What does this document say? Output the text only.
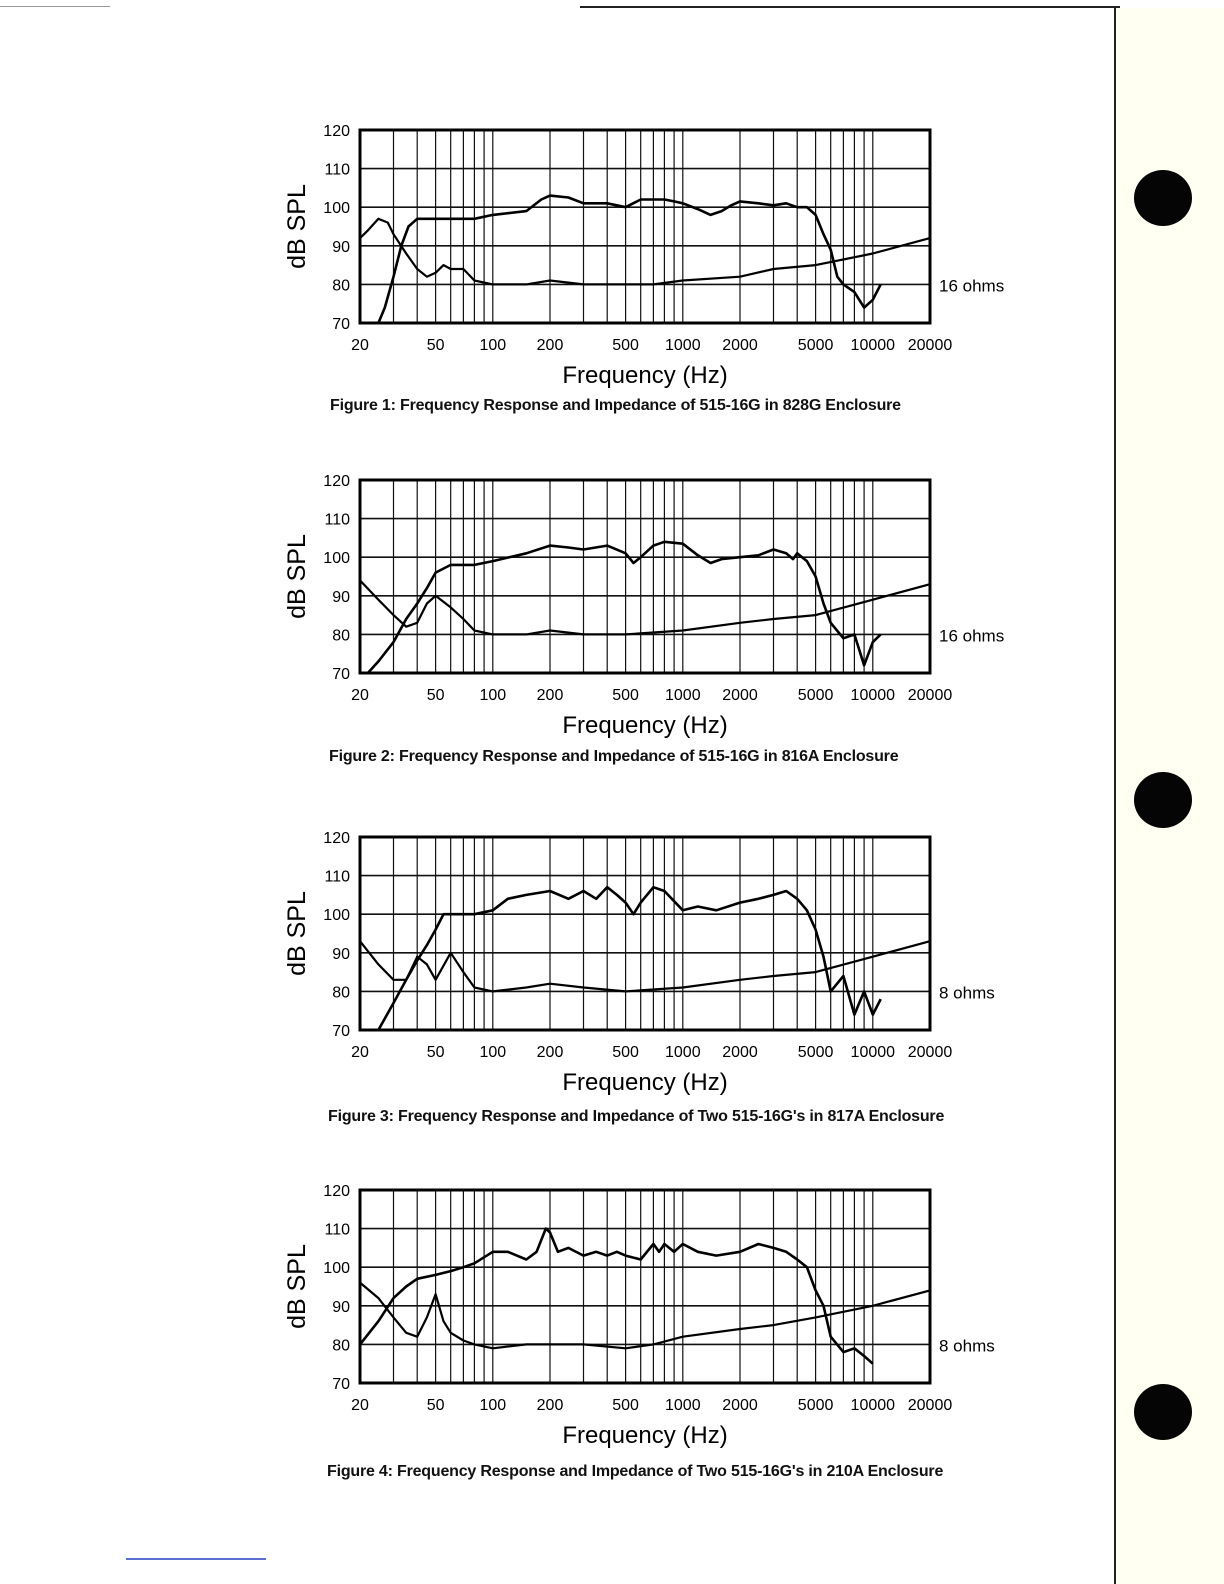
70
80
90
100
110
120
20	50 100 200	500 1000 2000	5000 10000 20000
Frequency (Hz)
dB SPL
16 ohms
70
80
90
100
110
120
20	50 100 200	500 1000 2000	5000 10000 20000
Frequency (Hz)
dB SPL
16 ohms
70
80
90
100
110
120
20	50 100 200	500 1000 2000	5000 10000 20000
Frequency (Hz)
dB SPL
8 ohms
70
80
90
100
110
120
20	50 100 200	500 1000 2000	5000 10000 20000
Frequency (Hz)
dB SPL
8 ohms
Figure 1: Frequency Response and Impedance of 515-16G in 828G Enclosure
Figure 2: Frequency Response and Impedance of 515-16G in 816A Enclosure
Figure 3: Frequency Response and Impedance of Two 515-16G's in 817A Enclosure
Figure 4: Frequency Response and Impedance of Two 515-16G's in 210A Enclosure
